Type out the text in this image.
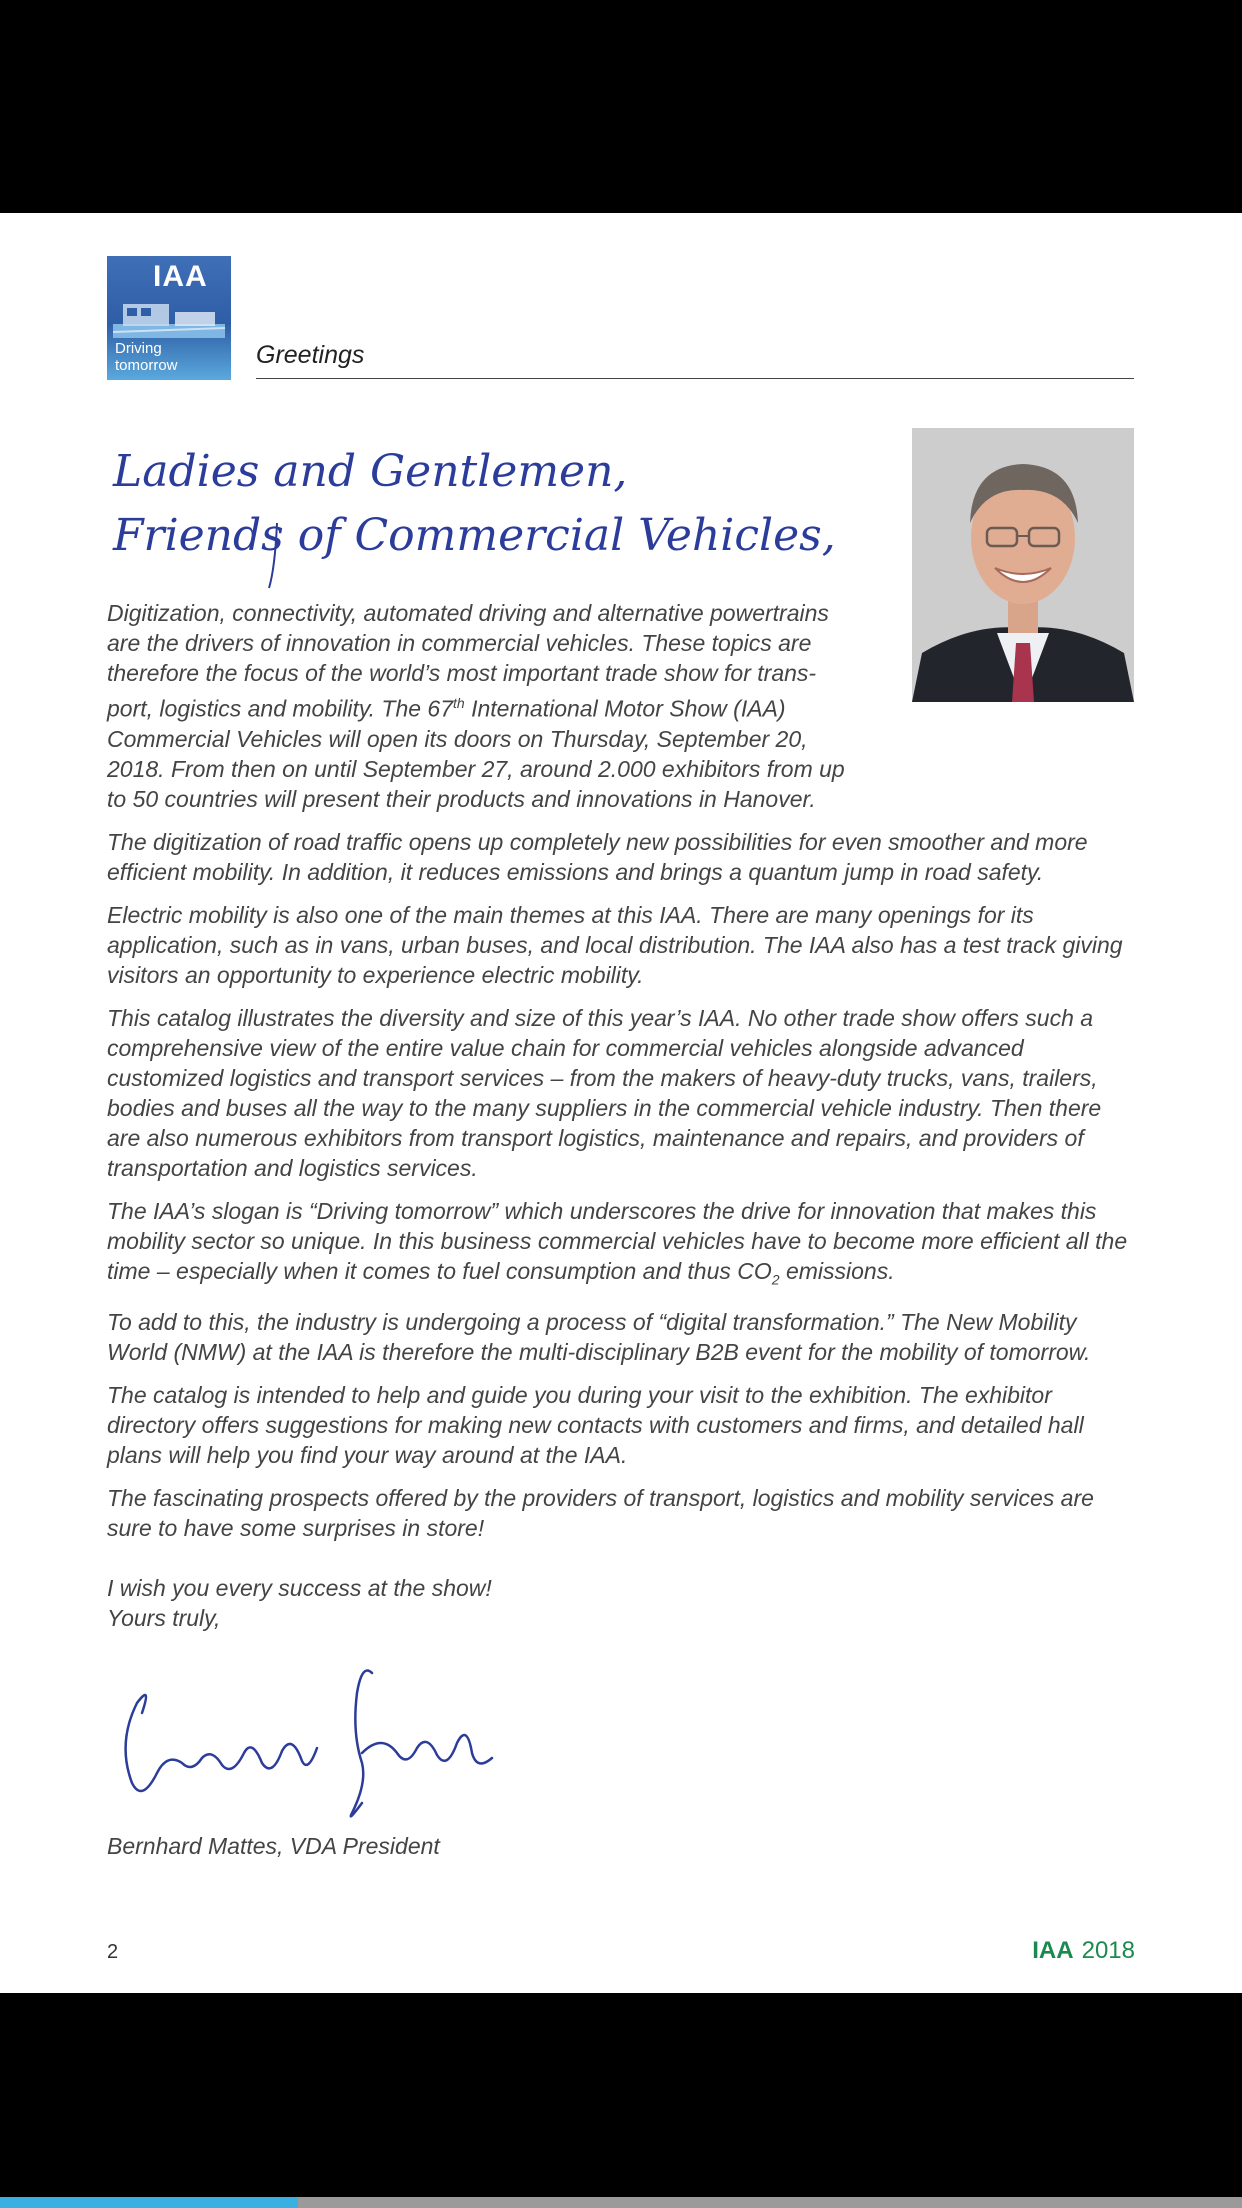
IAA
Driving
tomorrow	Greetings
Ladies and Gentlemen,
Friends of Commercial Vehicles,

Digitization, connectivity, automated driving and alternative powertrains are the drivers of innovation in commercial vehicles. These topics are therefore the focus of the world’s most important trade show for trans-port, logistics and mobility. The 67th International Motor Show (IAA) Commercial Vehicles will open its doors on Thursday, September 20, 2018. From then on until September 27, around 2.000 exhibitors from up to 50 countries will present their products and innovations in Hanover.

The digitization of road traffic opens up completely new possibilities for even smoother and more efficient mobility. In addition, it reduces emissions and brings a quantum jump in road safety.

Electric mobility is also one of the main themes at this IAA. There are many openings for its application, such as in vans, urban buses, and local distribution. The IAA also has a test track giving visitors an opportunity to experience electric mobility.

This catalog illustrates the diversity and size of this year’s IAA. No other trade show offers such a comprehensive view of the entire value chain for commercial vehicles alongside advanced customized logistics and transport services – from the makers of heavy-duty trucks, vans, trailers, bodies and buses all the way to the many suppliers in the commercial vehicle industry. Then there are also numerous exhibitors from transport logistics, maintenance and repairs, and providers of transportation and logistics services.

The IAA’s slogan is “Driving tomorrow” which underscores the drive for innovation that makes this mobility sector so unique. In this business commercial vehicles have to become more efficient all the time – especially when it comes to fuel consumption and thus $CO_2$ emissions.

To add to this, the industry is undergoing a process of “digital transformation.” The New Mobility World (NMW) at the IAA is therefore the multi-disciplinary B2B event for the mobility of tomorrow.

The catalog is intended to help and guide you during your visit to the exhibition. The exhibitor directory offers suggestions for making new contacts with customers and firms, and detailed hall plans will help you find your way around at the IAA.

The fascinating prospects offered by the providers of transport, logistics and mobility services are sure to have some surprises in store!

I wish you every success at the show!
Yours truly,

Bernhard Mattes, VDA President
2	IAA 2018
